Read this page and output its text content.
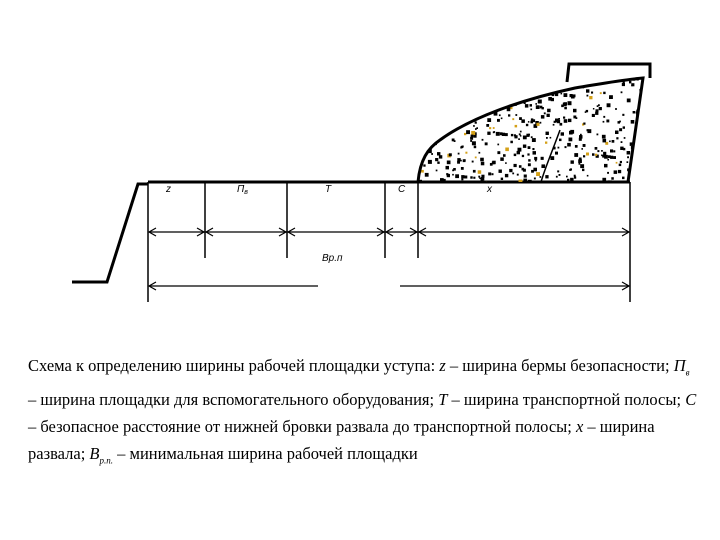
z	$П_в$	T	C	x
Bр.п
Схема к определению ширины рабочей площадки уступа: z – ширина бермы безопасности; $П_в$ – ширина площадки для вспомогательного оборудования; T – ширина транспортной полосы; C – безопасное расстояние от нижней бровки развала до транспортной полосы; x – ширина развала; $B_{р.п.}$ – минимальная ширина рабочей площадки
